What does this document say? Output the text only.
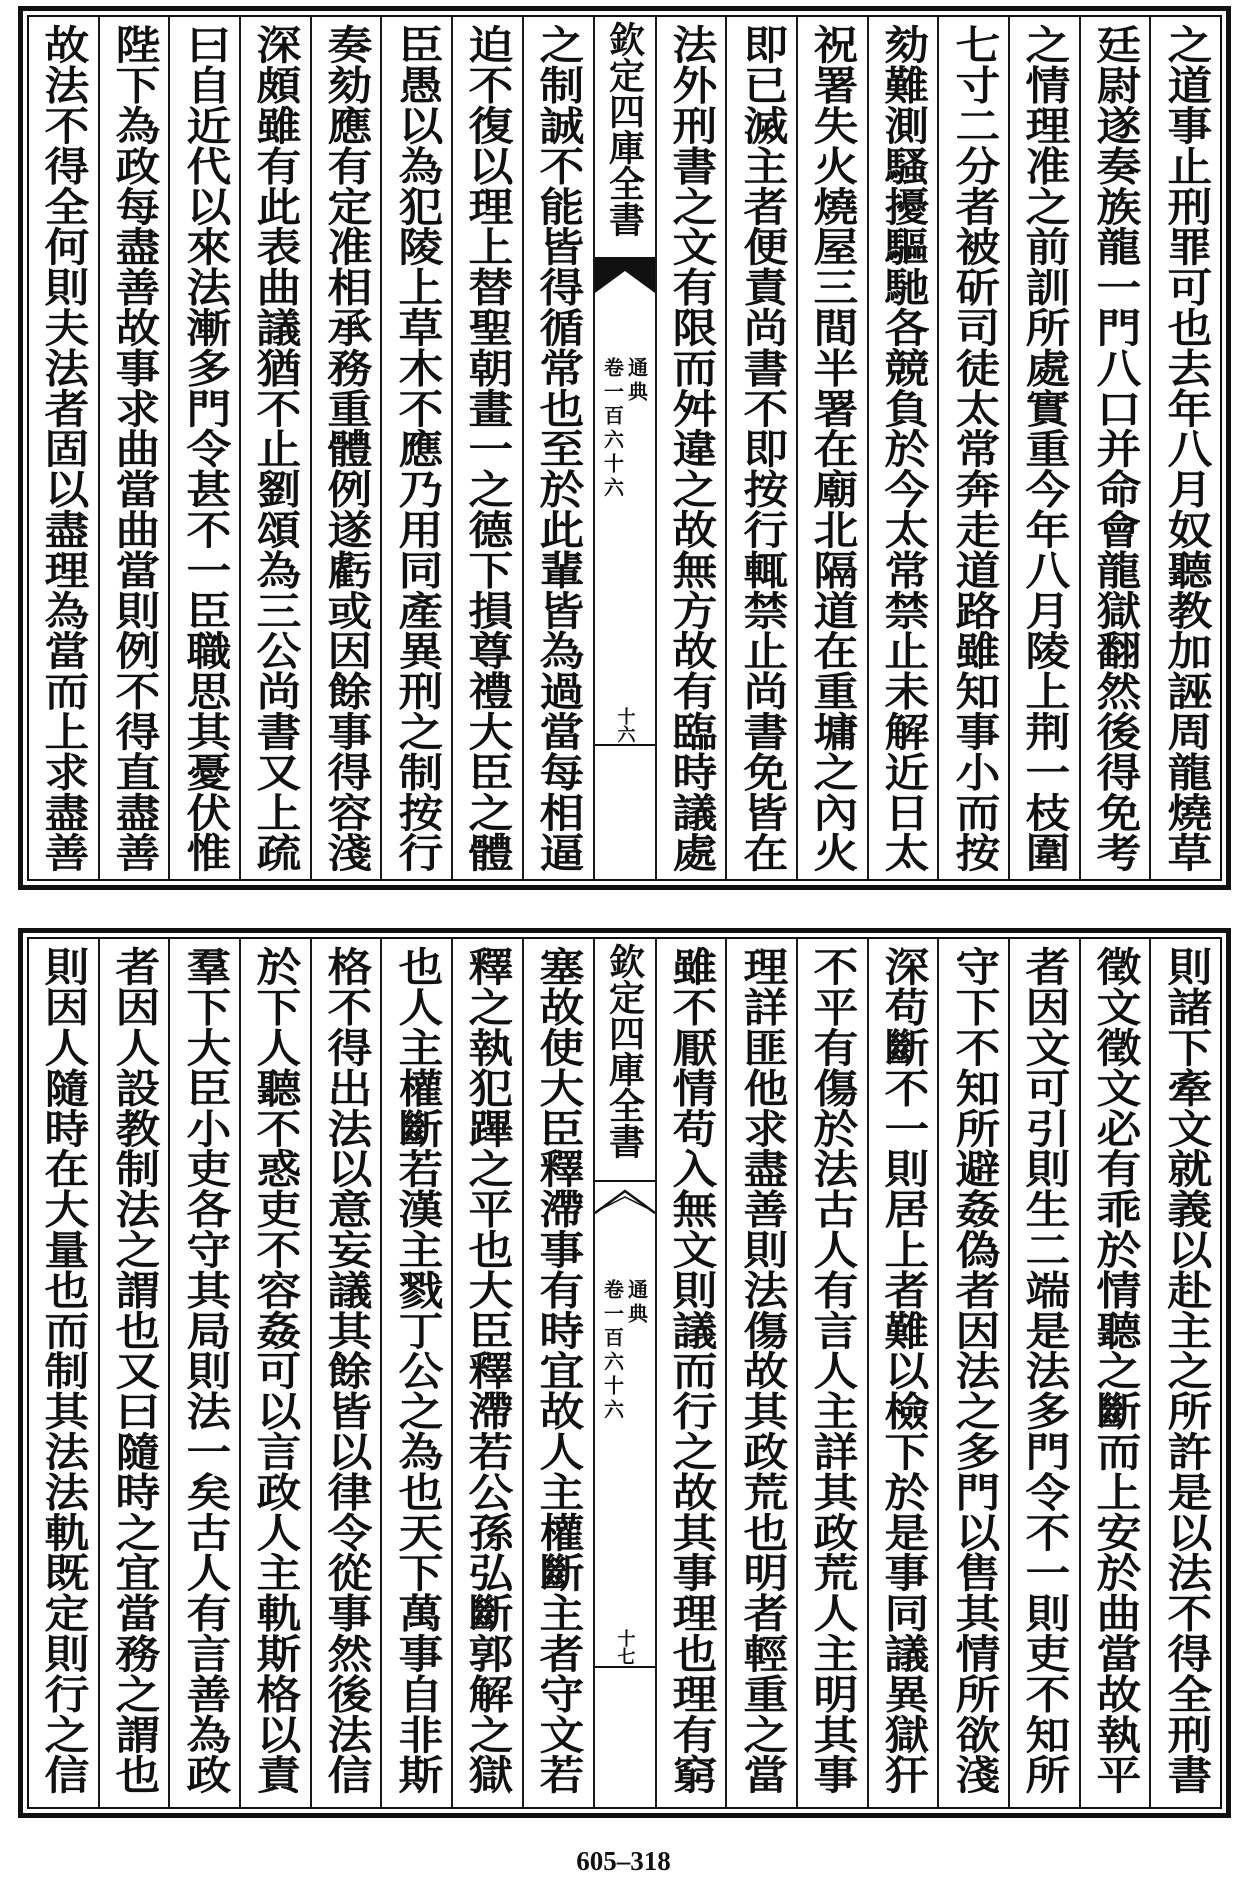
之道事止刑罪可也去年八月奴聽教加誣周龍燒草
廷尉遂奏族龍一門八口并命會龍獄翻然後得免考
之情理准之前訓所處實重今年八月陵上荆一枝圍
七寸二分者被斫司徒太常奔走道路雖知事小而按
劾難測騷擾驅馳各競負於今太常禁止未解近日太
祝署失火燒屋三間半署在廟北隔道在重墉之內火
即已滅主者便責尚書不即按行輒禁止尚書免皆在
法外刑書之文有限而舛違之故無方故有臨時議處
欽定四庫全書
通典
卷一百六十六
十六
之制誠不能皆得循常也至於此輩皆為過當每相逼
迫不復以理上替聖朝畫一之德下損尊禮大臣之體
臣愚以為犯陵上草木不應乃用同產異刑之制按行
奏劾應有定准相承務重體例遂虧或因餘事得容淺
深頗雖有此表曲議猶不止劉頌為三公尚書又上疏
曰自近代以來法漸多門令甚不一臣職思其憂伏惟
陛下為政每盡善故事求曲當曲當則例不得直盡善
故法不得全何則夫法者固以盡理為當而上求盡善
則諸下牽文就義以赴主之所許是以法不得全刑書
徵文徵文必有乖於情聽之斷而上安於曲當故執平
者因文可引則生二端是法多門令不一則吏不知所
守下不知所避姦偽者因法之多門以售其情所欲淺
深苟斷不一則居上者難以檢下於是事同議異獄犴
不平有傷於法古人有言人主詳其政荒人主明其事
理詳匪他求盡善則法傷故其政荒也明者輕重之當
雖不厭情苟入無文則議而行之故其事理也理有窮
欽定四庫全書
通典
卷一百六十六
十七
塞故使大臣釋滯事有時宜故人主權斷主者守文若
釋之執犯蹕之平也大臣釋滯若公孫弘斷郭解之獄
也人主權斷若漢主戮丁公之為也天下萬事自非斯
格不得出法以意妄議其餘皆以律令從事然後法信
於下人聽不惑吏不容姦可以言政人主軌斯格以責
羣下大臣小吏各守其局則法一矣古人有言善為政
者因人設教制法之謂也又曰隨時之宜當務之謂也
則因人隨時在大量也而制其法法軌既定則行之信
605–318
